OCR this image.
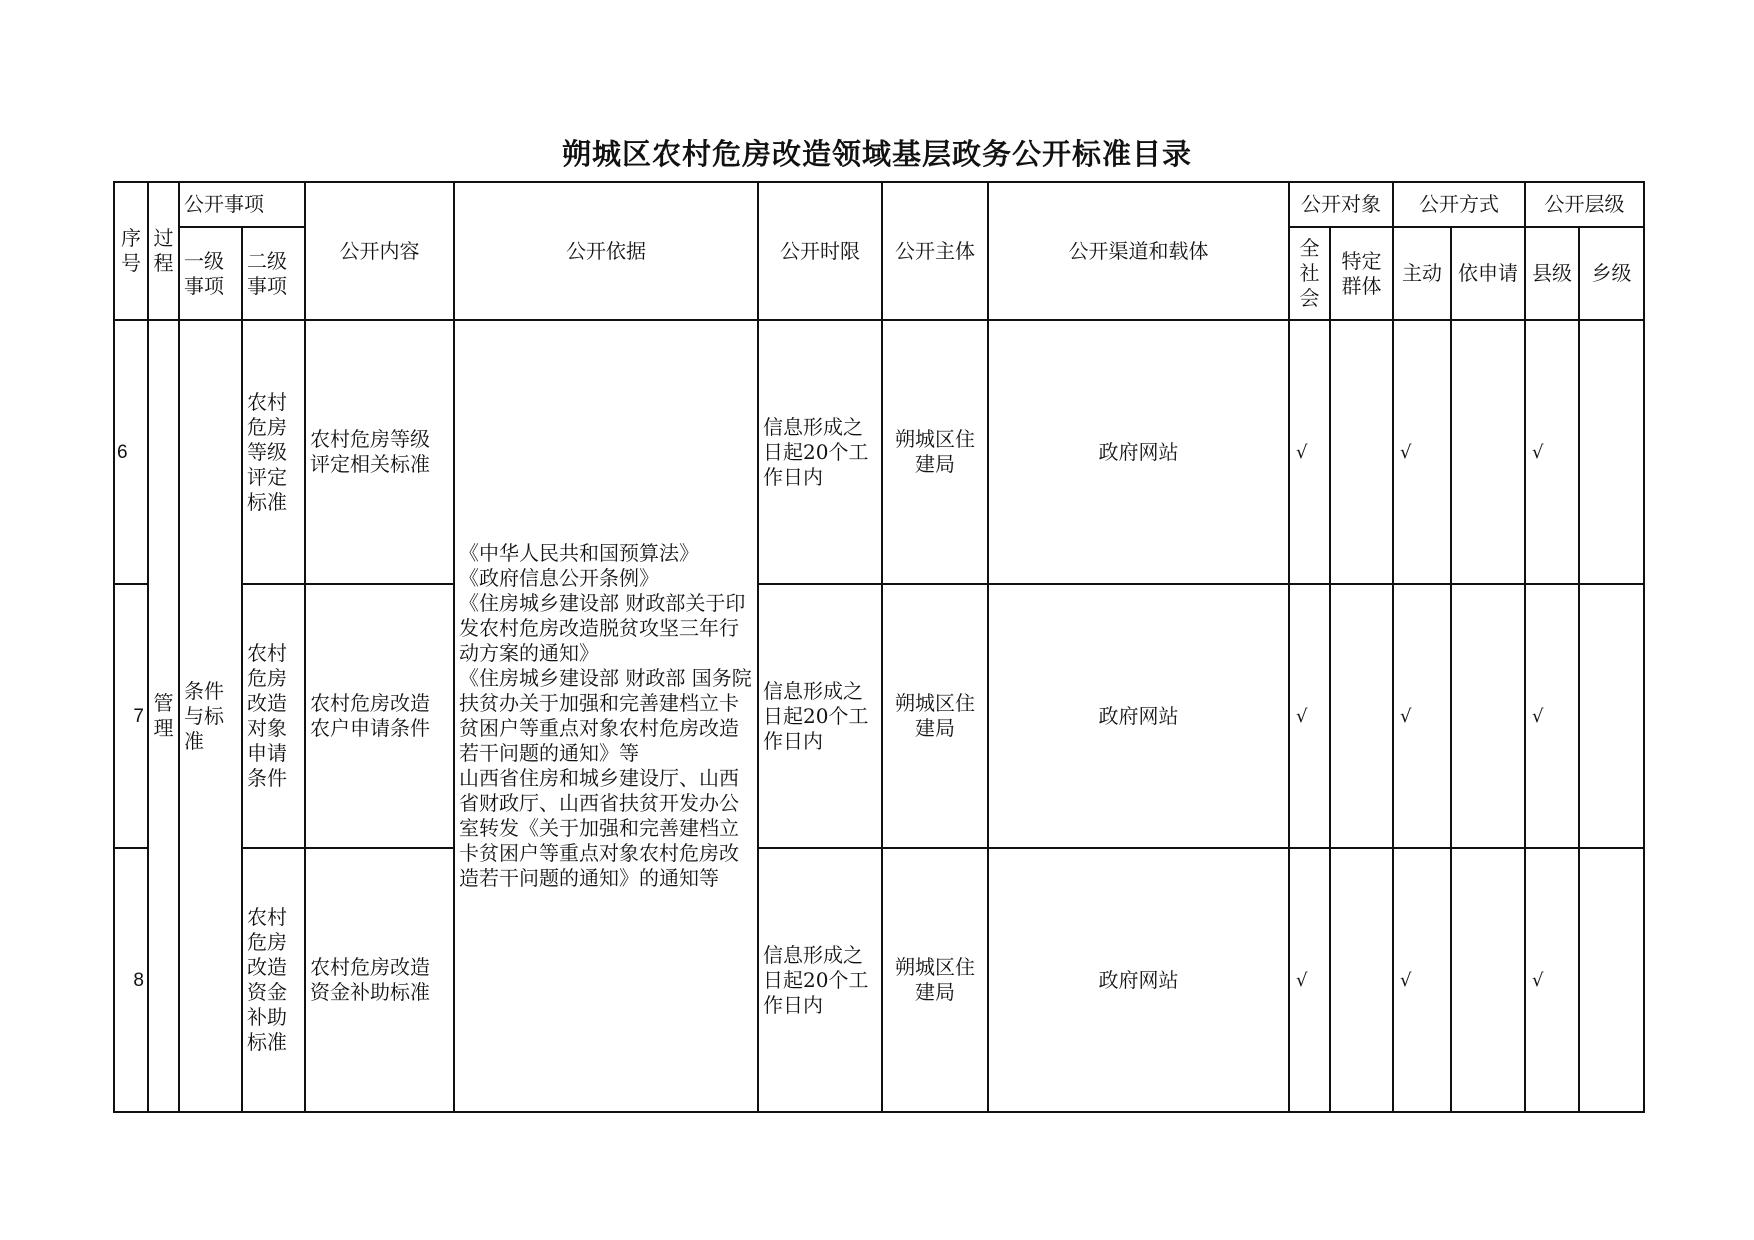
朔城区农村危房改造领域基层政务公开标准目录
序号	过程	公开事项		公开内容	公开依据	公开时限	公开主体	公开渠道和载体	公开对象		公开方式		公开层级	
		一级事项	二级事项						全社会	特定群体	主动	依申请	县级	乡级
6	管理	条件与标准	农村危房等级评定标准	农村危房等级评定相关标准	《中华人民共和国预算法》
《政府信息公开条例》
《住房城乡建设部 财政部关于印发农村危房改造脱贫攻坚三年行动方案的通知》
《住房城乡建设部 财政部 国务院扶贫办关于加强和完善建档立卡贫困户等重点对象农村危房改造若干问题的通知》等
山西省住房和城乡建设厅、山西省财政厅、山西省扶贫开发办公室转发《关于加强和完善建档立卡贫困户等重点对象农村危房改造若干问题的通知》的通知等	信息形成之日起20个工作日内	朔城区住建局	政府网站	√		√		√	
7			农村危房改造对象申请条件	农村危房改造农户申请条件		信息形成之日起20个工作日内	朔城区住建局	政府网站	√		√		√	
8			农村危房改造资金补助标准	农村危房改造资金补助标准		信息形成之日起20个工作日内	朔城区住建局	政府网站	√		√		√	
